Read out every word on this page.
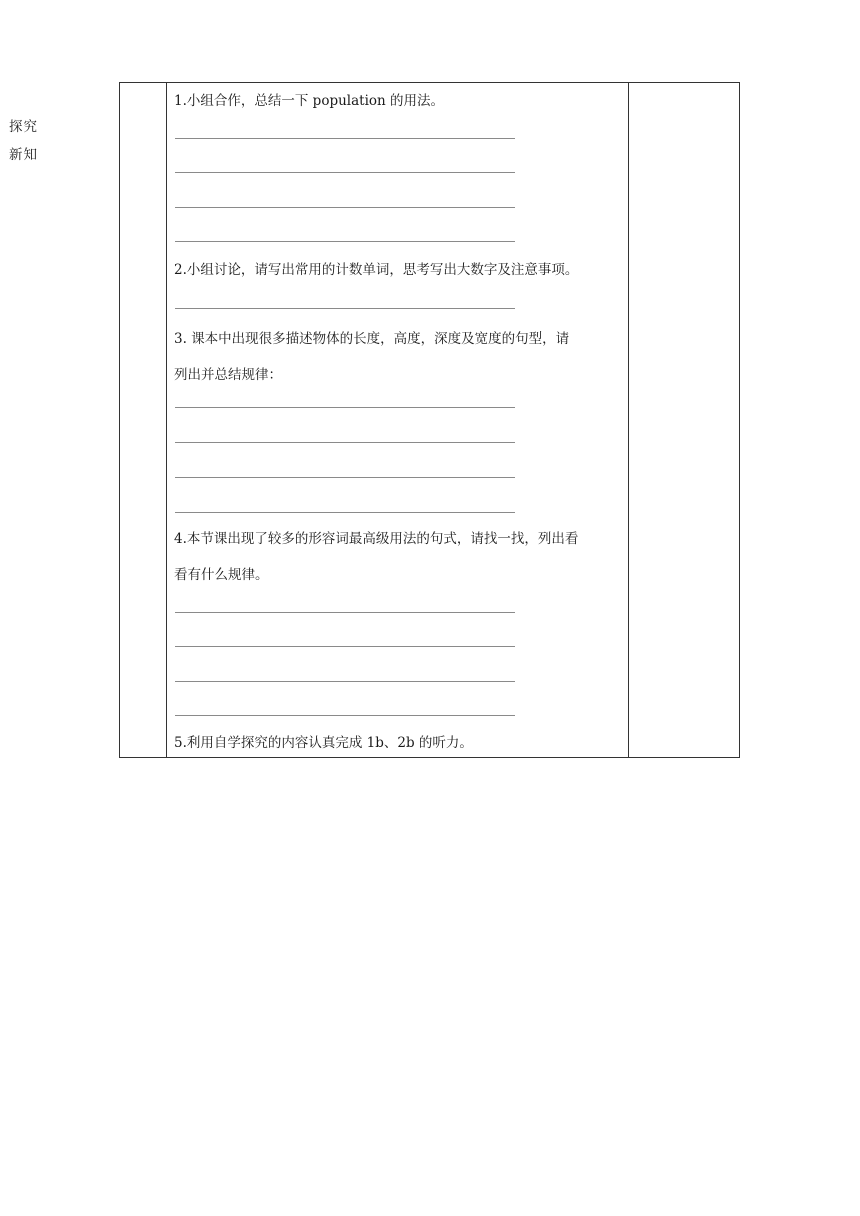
探究
新知
1.小组合作，总结一下 population 的用法。
2.小组讨论，请写出常用的计数单词，思考写出大数字及注意事项。
3. 课本中出现很多描述物体的长度，高度，深度及宽度的句型，请
列出并总结规律：
4.本节课出现了较多的形容词最高级用法的句式，请找一找，列出看
看有什么规律。
5.利用自学探究的内容认真完成 1b、2b 的听力。
